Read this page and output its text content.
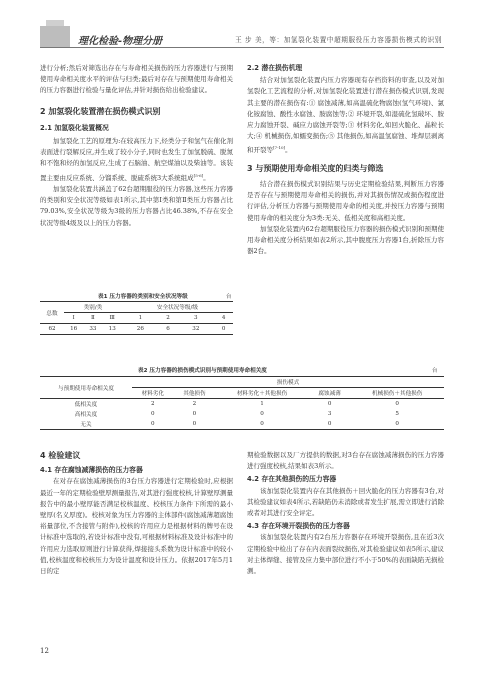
理化检验-物理分册	王 步 美，等：加氢裂化装置中超期服役压力容器损伤模式的识别

进行分析;然后对筛选出存在与寿命相关损伤的压力容器进行与预期使用寿命相关度水平的评估与归类;最后对存在与预期使用寿命相关的压力容器进行检验与量化评估,并针对损伤给出检验建议。

2 加氢裂化装置潜在损伤模式识别

2.1 加氢裂化装置概况

加氢裂化工艺的原理为:在较高压力下,烃类分子和氢气在催化剂表面进行裂解反应,并生成了较小分子,同时也发生了加氢脱硫、脱氮和不饱和烃的加氢反应,生成了石脑油、航空煤油以及柴油等。该装置主要由反应系统、分馏系统、脱硫系统3大系统组成[5-6]。

加氢裂化装置共涵盖了62台超期服役的压力容器,这些压力容器的类别和安全状况等级如表1所示,其中第Ⅰ类和第Ⅱ类压力容器占比79.03%,安全状况等级为3级的压力容器占比46.38%,不存在安全状况等级4级及以上的压力容器。

表1 压力容器的类别和安全状况等级	台
总数	类别/类			安全状况等级/级			
	Ⅰ	Ⅱ	Ⅲ	1	2	3	4
62	16	33	13	26	6	32	0

2.2 潜在损伤机理

结合对加氢裂化装置内压力容器现有存档资料的审查,以及对加氢裂化工艺流程的分析,对加氢裂化装置进行潜在损伤模式识别,发现其主要的潜在损伤有:① 腐蚀减薄,如高温硫化物腐蚀(氢气环境)、氯化铵腐蚀、酸性水腐蚀、胺腐蚀等;② 环境开裂,如湿硫化氢破坏、胺应力腐蚀开裂、碱应力腐蚀开裂等;③ 材料劣化,如回火脆化、晶粒长大;④ 机械损伤,如蠕变损伤;⑤ 其他损伤,如高温氢腐蚀、堆焊层剥离和开裂等[7-10]。

3 与预期使用寿命相关度的归类与筛选

结合潜在损伤模式识别结果与历史定期检验结果,判断压力容器是否存在与预期使用寿命相关的损伤,并对其损伤情况或损伤程度进行评估,分析压力容器与预期使用寿命的相关度,并按压力容器与预期使用寿命的相关度分为3类:无关、低相关度和高相关度。

加氢裂化装置内62台超期服役压力容器的损伤模式识别和预期使用寿命相关度分析结果如表2所示,其中腹度压力容器1台,折除压力容器2台。

表2 压力容器的损伤模式识别与预期使用寿命相关度	台
与预期使用寿命相关度	损伤模式				
	材料劣化	其他损伤	材料劣化＋其他损伤	腐蚀减薄	机械损伤＋其他损伤
低相关度	2	2	1	0	0
高相关度	0	0	0	3	5
无关	0	0	0	0	0

4 检验建议

4.1 存在腐蚀减薄损伤的压力容器

在对存在腐蚀减薄损伤的3台压力容器进行定期检验时,应根据最近一年的定期检验壁厚测量报告,对其进行强度校核,计算壁厚测量报告中的最小壁厚能否满足校核温度、校核压力条件下所需的最小壁厚(名义厚度)。校核对象为压力容器的主体部件(腐蚀减薄超腐蚀裕量部位,不含接管与附件),校核的许用应力是根据材料的牌号在设计标准中选取的,若设计标准中没有,可根据材料标准及设计标准中的许用应力选取原则进行计算获得,焊接接头系数为设计标准中的较小值,校核温度和校核压力为设计温度和设计压力。依据2017年5月1日的定

期检验数据以及厂方提供的数据,对3台存在腐蚀减薄损伤的压力容器进行强度校核,结果如表3所示。

4.2 存在其他损伤的压力容器

该加氢裂化装置内存在其他损伤＋回火脆化的压力容器有3台,对其检验建议如表4所示,若缺陷仍未消除或者发生扩展,需立即进行消除或者对其进行安全评定。

4.3 存在环境开裂损伤的压力容器

该加氢裂化装置内有2台压力容器存在环境开裂损伤,且在近3次定期检验中检出了存在内表面裂纹损伤,对其检验建议如表5所示,建议对主体焊缝、接管及应力集中部位进行不小于50%的表面缺陷无损检测。

12
